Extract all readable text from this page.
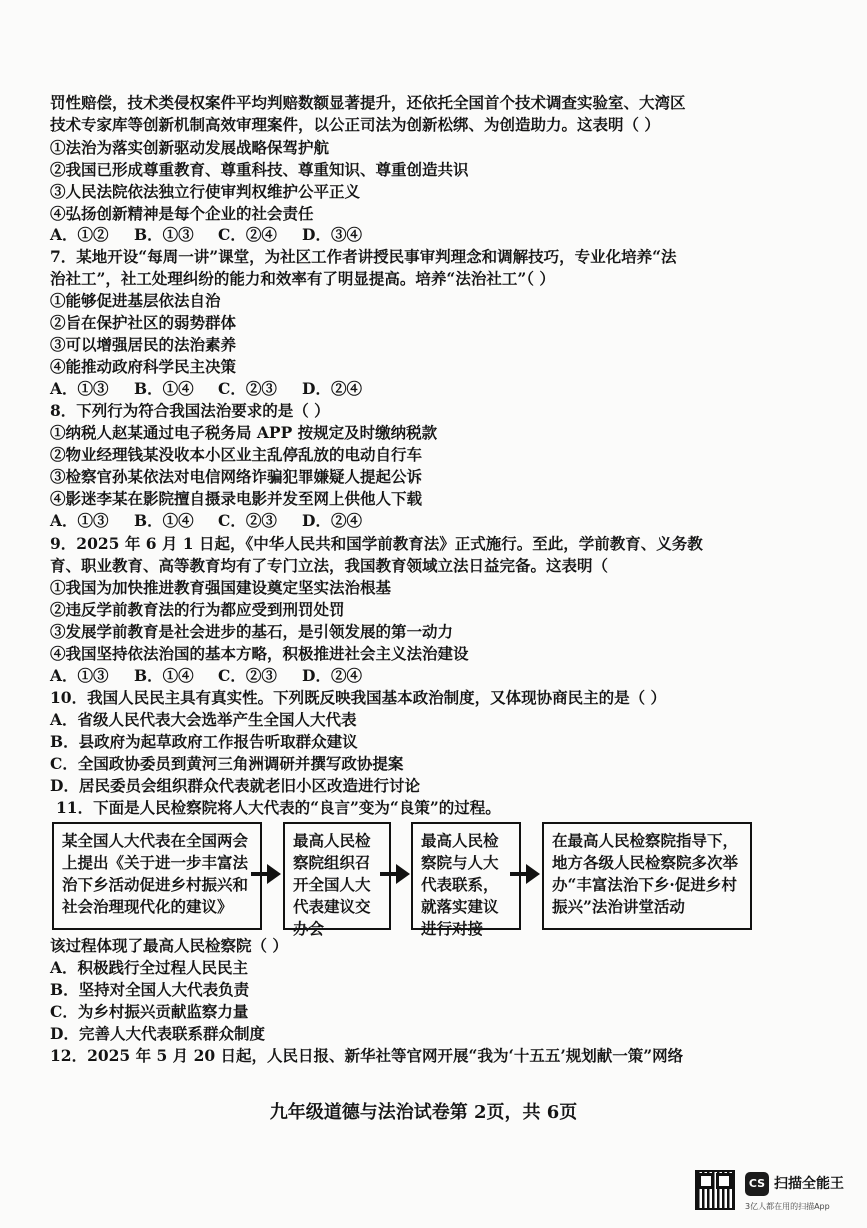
罚性赔偿，技术类侵权案件平均判赔数额显著提升，还依托全国首个技术调查实验室、大湾区
技术专家库等创新机制高效审理案件，以公正司法为创新松绑、为创造助力。这表明（ ）
①法治为落实创新驱动发展战略保驾护航
②我国已形成尊重教育、尊重科技、尊重知识、尊重创造共识
③人民法院依法独立行使审判权维护公平正义
④弘扬创新精神是每个企业的社会责任
A．①② B．①③ C．②④ D．③④
7．某地开设“每周一讲”课堂，为社区工作者讲授民事审判理念和调解技巧，专业化培养“法
治社工”，社工处理纠纷的能力和效率有了明显提高。培养“法治社工”（ ）
①能够促进基层依法自治
②旨在保护社区的弱势群体
③可以增强居民的法治素养
④能推动政府科学民主决策
A．①③ B．①④ C．②③ D．②④
8．下列行为符合我国法治要求的是（ ）
①纳税人赵某通过电子税务局 APP 按规定及时缴纳税款
②物业经理钱某没收本小区业主乱停乱放的电动自行车
③检察官孙某依法对电信网络诈骗犯罪嫌疑人提起公诉
④影迷李某在影院擅自摄录电影并发至网上供他人下载
A．①③ B．①④ C．②③ D．②④
9．2025 年 6 月 1 日起，《中华人民共和国学前教育法》正式施行。至此，学前教育、义务教
育、职业教育、高等教育均有了专门立法，我国教育领域立法日益完备。这表明（
①我国为加快推进教育强国建设奠定坚实法治根基
②违反学前教育法的行为都应受到刑罚处罚
③发展学前教育是社会进步的基石，是引领发展的第一动力
④我国坚持依法治国的基本方略，积极推进社会主义法治建设
A．①③ B．①④ C．②③ D．②④
10．我国人民民主具有真实性。下列既反映我国基本政治制度，又体现协商民主的是（ ）
A．省级人民代表大会选举产生全国人大代表
B．县政府为起草政府工作报告听取群众建议
C．全国政协委员到黄河三角洲调研并撰写政协提案
D．居民委员会组织群众代表就老旧小区改造进行讨论
11．下面是人民检察院将人大代表的“良言”变为“良策”的过程。
某全国人大代表在全国两会上提出《关于进一步丰富法治下乡活动促进乡村振兴和社会治理现代化的建议》
最高人民检察院组织召开全国人大代表建议交办会
最高人民检察院与人大代表联系，就落实建议进行对接
在最高人民检察院指导下，地方各级人民检察院多次举办“丰富法治下乡·促进乡村振兴”法治讲堂活动
该过程体现了最高人民检察院（ ）
A．积极践行全过程人民民主
B．坚持对全国人大代表负责
C．为乡村振兴贡献监察力量
D．完善人大代表联系群众制度
12．2025 年 5 月 20 日起，人民日报、新华社等官网开展“我为‘十五五’规划献一策”网络
九年级道德与法治试卷第 2页，共 6页
CS 扫描全能王
3亿人都在用的扫描App
